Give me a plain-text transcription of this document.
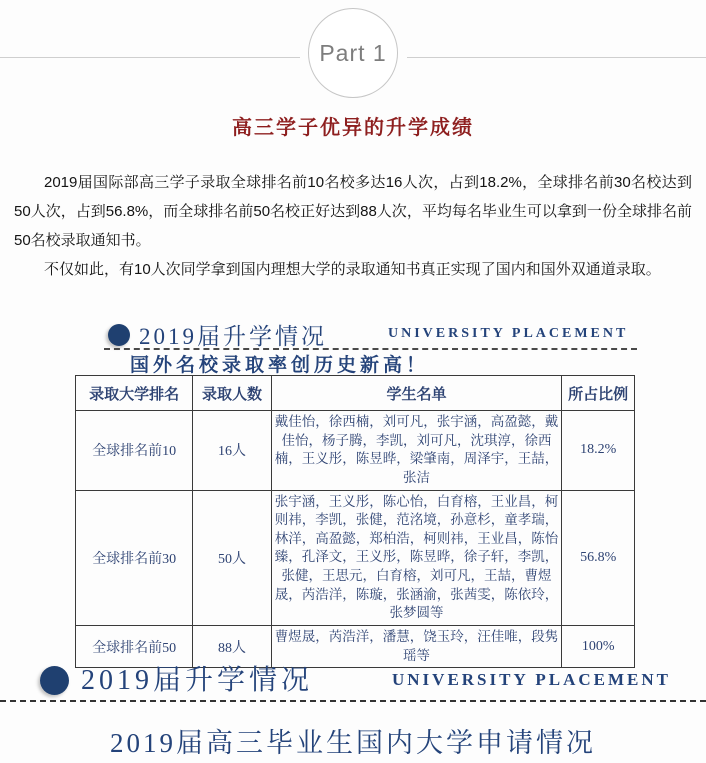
Part 1
高三学子优异的升学成绩

2019届国际部高三学子录取全球排名前10名校多达16人次，占到18.2%，全球排名前30名校达到50人次，占到56.8%，而全球排名前50名校正好达到88人次，平均每名毕业生可以拿到一份全球排名前50名校录取通知书。

不仅如此，有10人次同学拿到国内理想大学的录取通知书真正实现了国内和国外双通道录取。

2019届升学情况	UNIVERSITY PLACEMENT
国外名校录取率创历史新高！
录取大学排名	录取人数	学生名单	所占比例
全球排名前10	16人	戴佳怡，徐西楠，刘可凡，张宇涵，高盈懿，戴佳怡，杨子腾，李凯，刘可凡，沈琪淳，徐西楠，王义彤，陈昱晔，梁肇南，周泽宇，王喆，张洁	18.2%
全球排名前30	50人	张宇涵，王义彤，陈心怡，白育榕，王业昌，柯则祎，李凯，张健，范洺境，孙意杉，童孝瑞，林洋，高盈懿，郑柏浩，柯则祎，王业昌，陈怡臻，孔泽文，王义彤，陈昱晔，徐子轩，李凯，张健，王思元，白育榕，刘可凡，王喆，曹煜晟，芮浩洋，陈璇，张涵渝，张茜雯，陈依玲，张梦圆等	56.8%
全球排名前50	88人	曹煜晟，芮浩洋，潘慧，饶玉玲，汪佳唯，段隽瑶等	100%
2019届升学情况	UNIVERSITY PLACEMENT
2019届高三毕业生国内大学申请情况
